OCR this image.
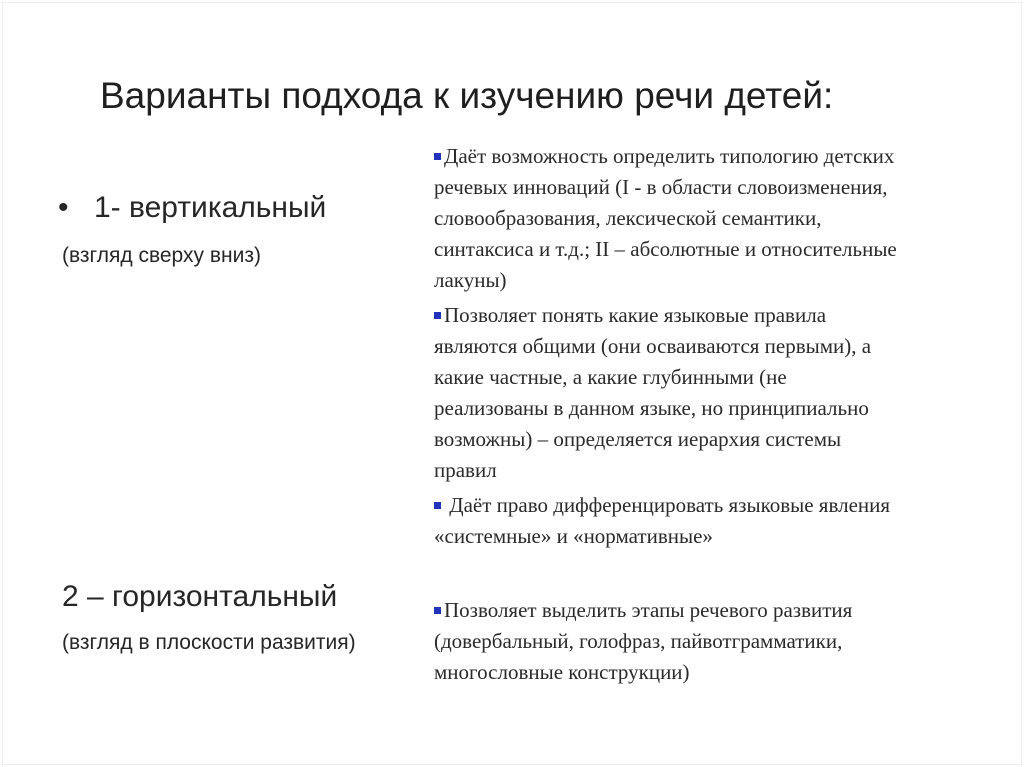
Варианты подхода к изучению речи детей:
• 1- вертикальный
(взгляд сверху вниз)
2 – горизонтальный
(взгляд в плоскости развития)
Даёт возможность определить типологию детских
речевых инноваций (I - в области словоизменения,
словообразования, лексической семантики,
синтаксиса и т.д.; II – абсолютные и относительные
лакуны)
Позволяет понять какие языковые правила
являются общими (они осваиваются первыми), а
какие частные, а какие глубинными (не
реализованы в данном языке, но принципиально
возможны) – определяется иерархия системы
правил
Даёт право дифференцировать языковые явления
«системные» и «нормативные»
Позволяет выделить этапы речевого развития
(довербальный, голофраз, пайвотграмматики,
многословные конструкции)
